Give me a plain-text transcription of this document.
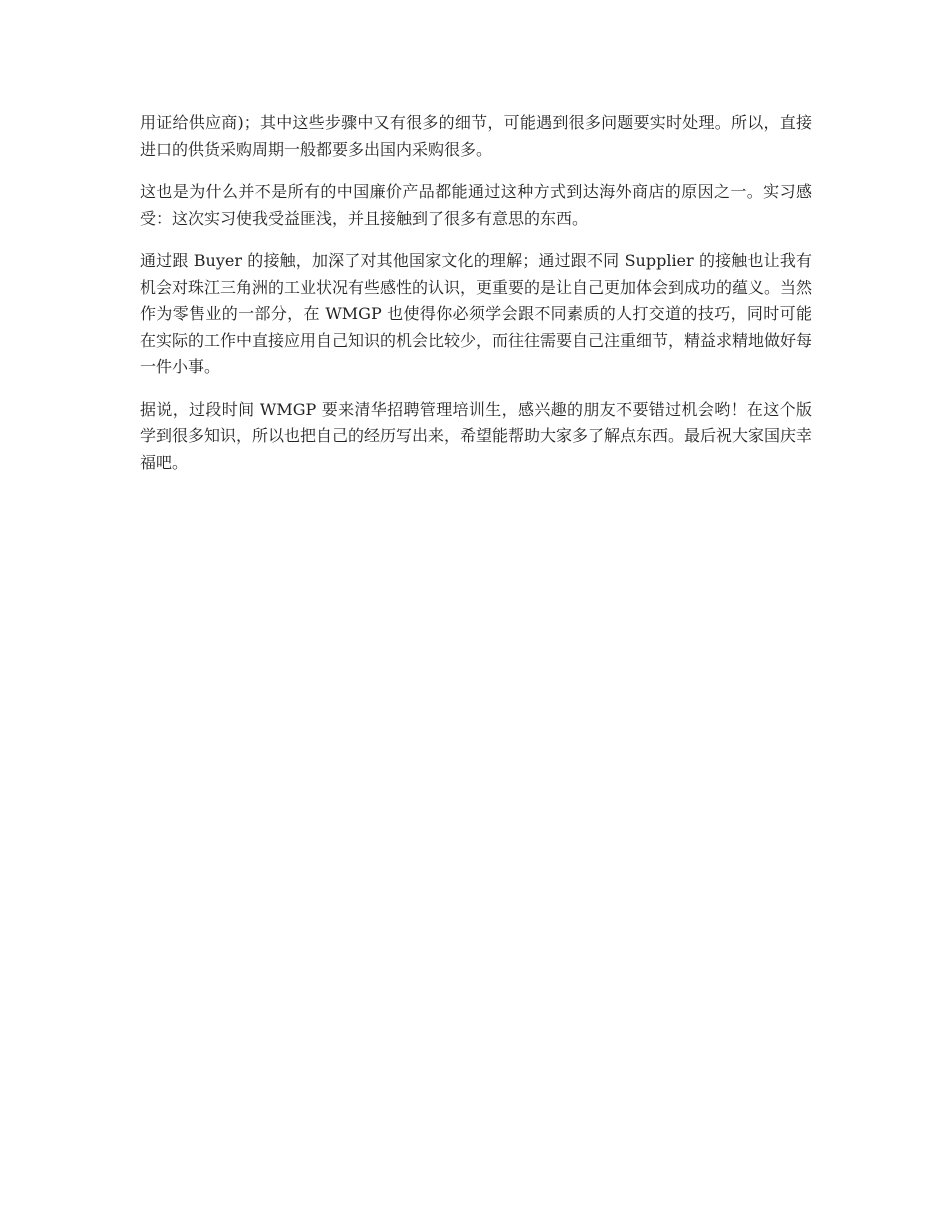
用证给供应商)；其中这些步骤中又有很多的细节，可能遇到很多问题要实时处理。所以，直接进口的供货采购周期一般都要多出国内采购很多。

这也是为什么并不是所有的中国廉价产品都能通过这种方式到达海外商店的原因之一。实习感受：这次实习使我受益匪浅，并且接触到了很多有意思的东西。

通过跟 Buyer 的接触，加深了对其他国家文化的理解；通过跟不同 Supplier 的接触也让我有机会对珠江三角洲的工业状况有些感性的认识，更重要的是让自己更加体会到成功的蕴义。当然作为零售业的一部分，在 WMGP 也使得你必须学会跟不同素质的人打交道的技巧，同时可能在实际的工作中直接应用自己知识的机会比较少，而往往需要自己注重细节，精益求精地做好每一件小事。

据说，过段时间 WMGP 要来清华招聘管理培训生，感兴趣的朋友不要错过机会哟！在这个版学到很多知识，所以也把自己的经历写出来，希望能帮助大家多了解点东西。最后祝大家国庆幸福吧。
